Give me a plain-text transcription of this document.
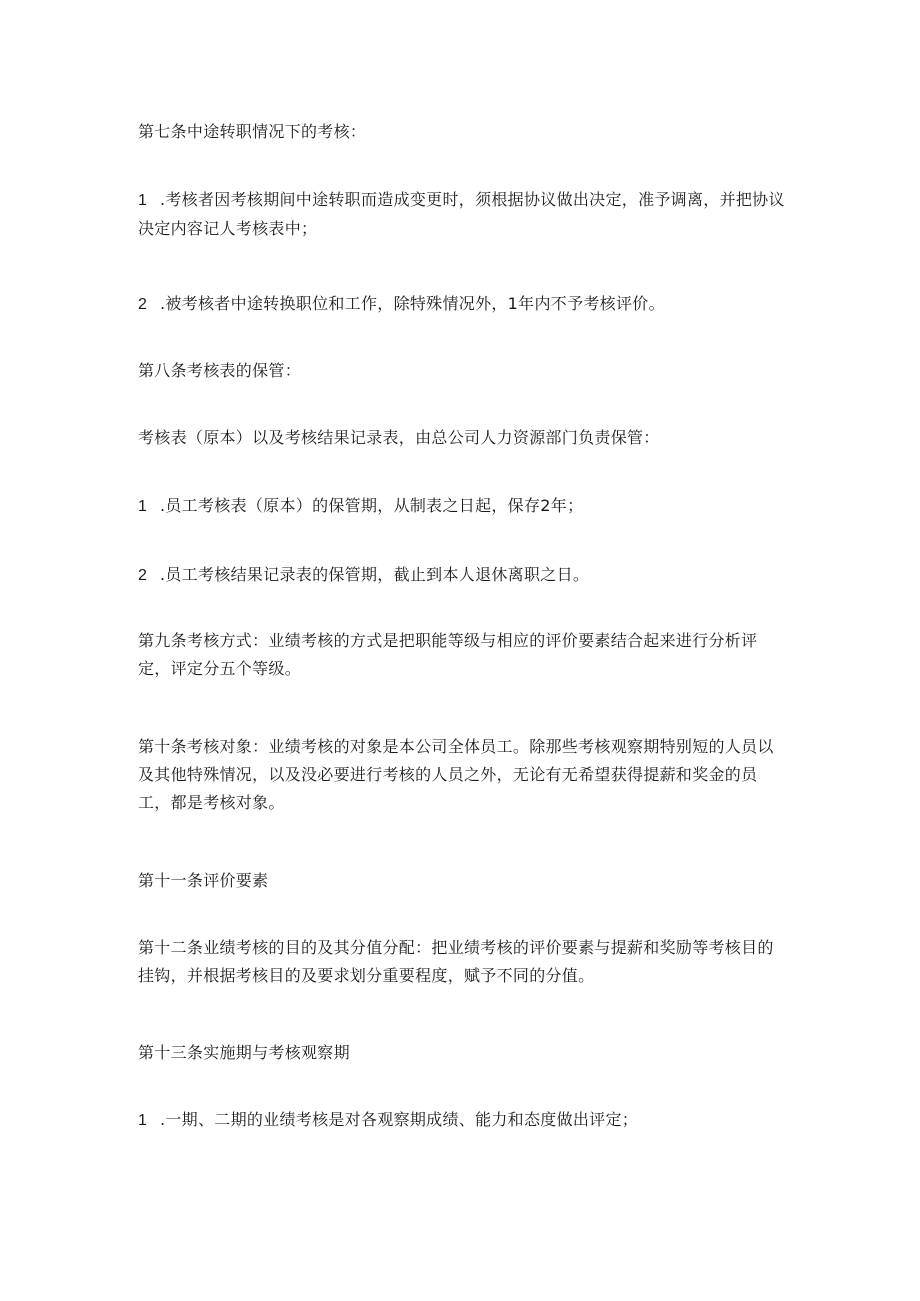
第七条中途转职情况下的考核：

1 .考核者因考核期间中途转职而造成变更时，须根据协议做出决定，准予调离，并把协议决定内容记人考核表中；

2 .被考核者中途转换职位和工作，除特殊情况外，1年内不予考核评价。

第八条考核表的保管：

考核表（原本）以及考核结果记录表，由总公司人力资源部门负责保管：

1 .员工考核表（原本）的保管期，从制表之日起，保存2年；

2 .员工考核结果记录表的保管期，截止到本人退休离职之日。

第九条考核方式：业绩考核的方式是把职能等级与相应的评价要素结合起来进行分析评定，评定分五个等级。

第十条考核对象：业绩考核的对象是本公司全体员工。除那些考核观察期特别短的人员以及其他特殊情况，以及没必要进行考核的人员之外，无论有无希望获得提薪和奖金的员工，都是考核对象。

第十一条评价要素

第十二条业绩考核的目的及其分值分配：把业绩考核的评价要素与提薪和奖励等考核目的挂钩，并根据考核目的及要求划分重要程度，赋予不同的分值。

第十三条实施期与考核观察期

1 .一期、二期的业绩考核是对各观察期成绩、能力和态度做出评定；
